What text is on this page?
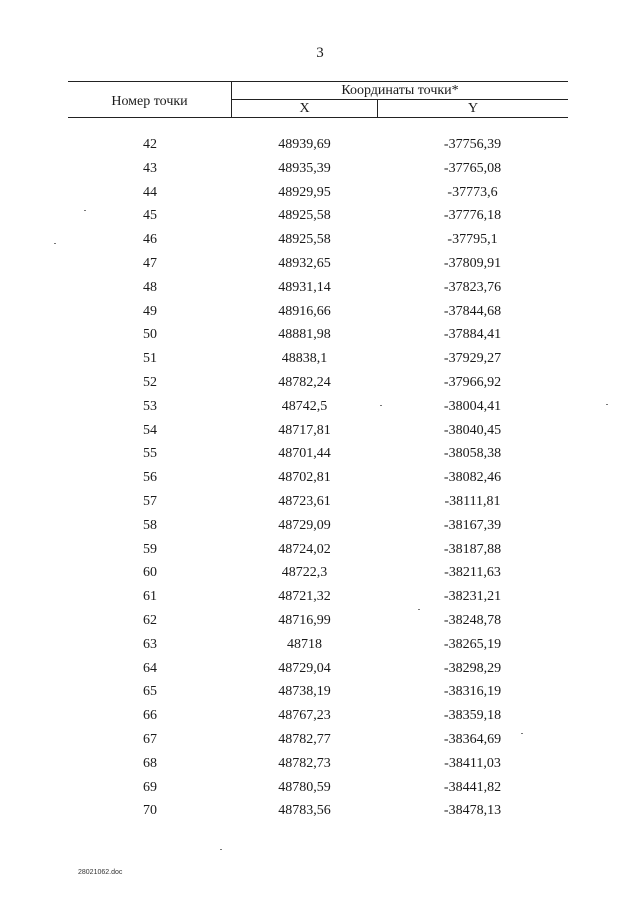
3
Номер точки
Координаты точки*
X	Y
42	48939,69	-37756,39
43	48935,39	-37765,08
44	48929,95	-37773,6
45	48925,58	-37776,18
46	48925,58	-37795,1
47	48932,65	-37809,91
48	48931,14	-37823,76
49	48916,66	-37844,68
50	48881,98	-37884,41
51	48838,1	-37929,27
52	48782,24	-37966,92
53	48742,5	-38004,41
54	48717,81	-38040,45
55	48701,44	-38058,38
56	48702,81	-38082,46
57	48723,61	-38111,81
58	48729,09	-38167,39
59	48724,02	-38187,88
60	48722,3	-38211,63
61	48721,32	-38231,21
62	48716,99	-38248,78
63	48718	-38265,19
64	48729,04	-38298,29
65	48738,19	-38316,19
66	48767,23	-38359,18
67	48782,77	-38364,69
68	48782,73	-38411,03
69	48780,59	-38441,82
70	48783,56	-38478,13
28021062.doc
